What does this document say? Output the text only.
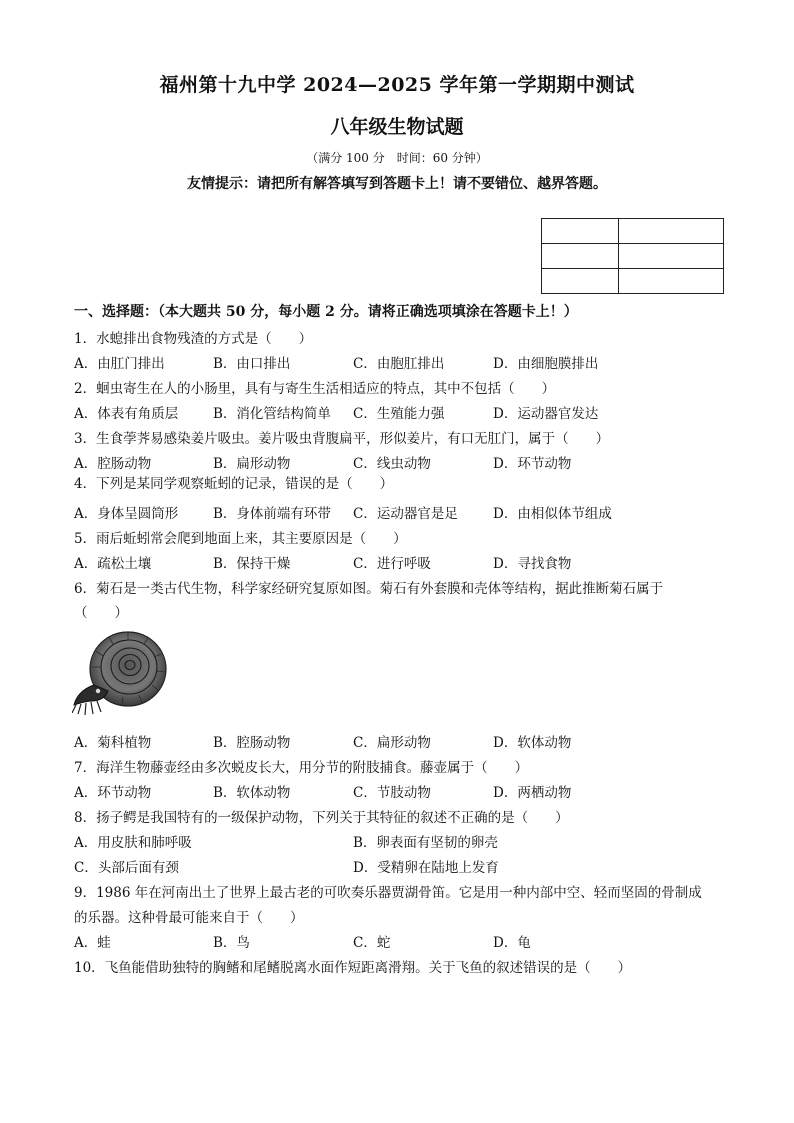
福州第十九中学 2024—2025 学年第一学期期中测试
八年级生物试题
（满分 100 分　时间：60 分钟）
友情提示：请把所有解答填写到答题卡上！请不要错位、越界答题。

一、选择题：（本大题共 50 分，每小题 2 分。请将正确选项填涂在答题卡上！）
1．水螅排出食物残渣的方式是（　　）
A．由肛门排出	B．由口排出	C．由胞肛排出	D．由细胞膜排出
2．蛔虫寄生在人的小肠里，具有与寄生生活相适应的特点，其中不包括（　　）
A．体表有角质层	B．消化管结构简单 C．生殖能力强	D．运动器官发达
3．生食荸荠易感染姜片吸虫。姜片吸虫背腹扁平，形似姜片，有口无肛门，属于（　　）
A．腔肠动物	B．扁形动物	C．线虫动物	D．环节动物
4．下列是某同学观察蚯蚓的记录，错误的是（　　）
A．身体呈圆筒形	B．身体前端有环带 C．运动器官是足	D．由相似体节组成
5．雨后蚯蚓常会爬到地面上来，其主要原因是（　　）
A．疏松土壤	B．保持干燥	C．进行呼吸	D．寻找食物
6．菊石是一类古代生物，科学家经研究复原如图。菊石有外套膜和壳体等结构，据此推断菊石属于
（　　）
A．菊科植物	B．腔肠动物	C．扁形动物	D．软体动物
7．海洋生物藤壶经由多次蜕皮长大，用分节的附肢捕食。藤壶属于（　　）
A．环节动物	B．软体动物	C．节肢动物	D．两栖动物
8．扬子鳄是我国特有的一级保护动物，下列关于其特征的叙述不正确的是（　　）
A．用皮肤和肺呼吸	B．卵表面有坚韧的卵壳
C．头部后面有颈	D．受精卵在陆地上发育
9．1986 年在河南出土了世界上最古老的可吹奏乐器贾湖骨笛。它是用一种内部中空、轻而坚固的骨制成
的乐器。这种骨最可能来自于（　　）
A．蛙	B．鸟	C．蛇	D．龟
10．飞鱼能借助独特的胸鳍和尾鳍脱离水面作短距离滑翔。关于飞鱼的叙述错误的是（　　）
